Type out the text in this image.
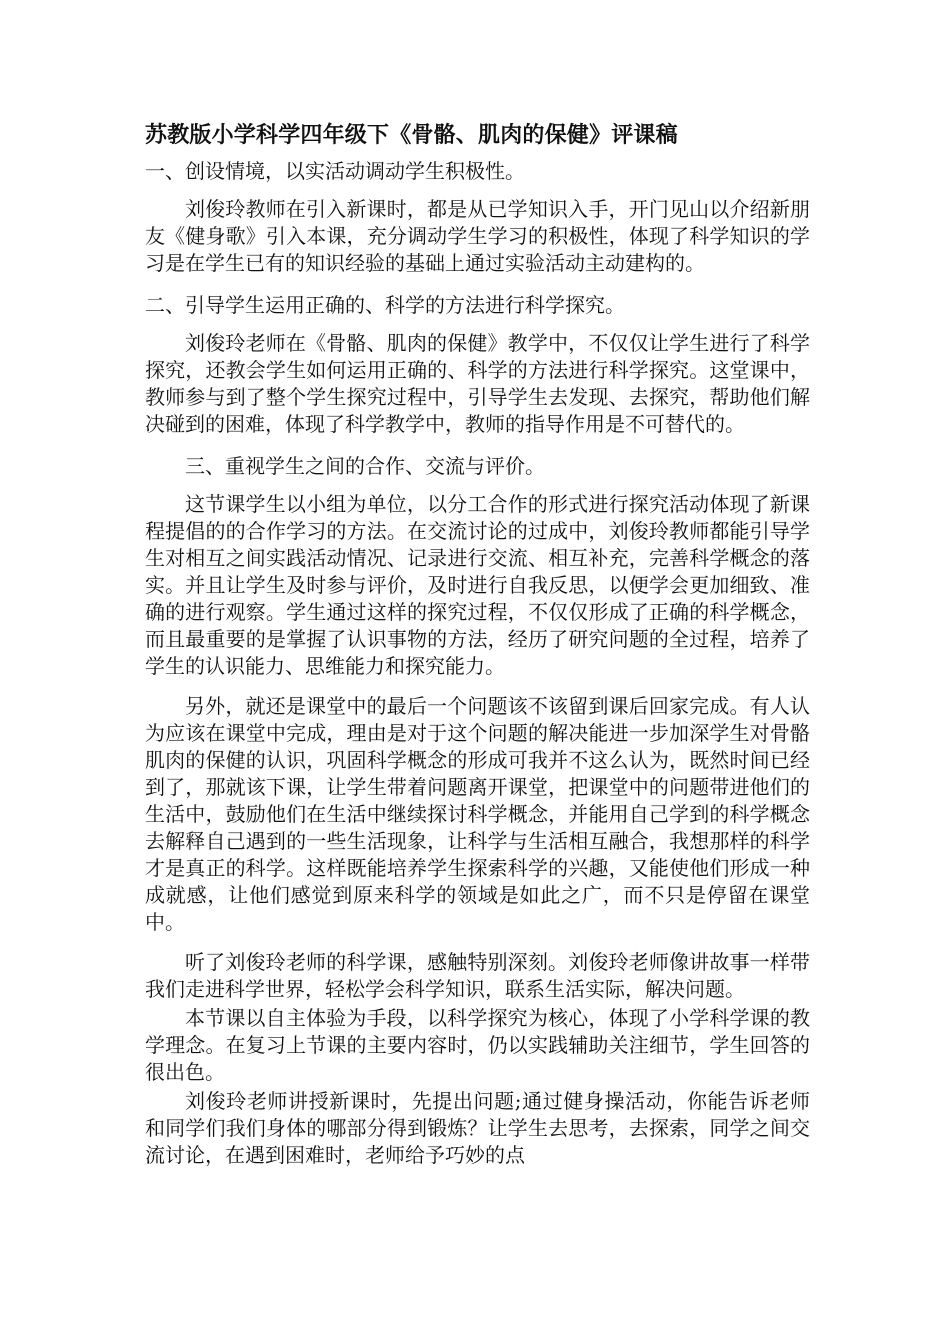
苏教版小学科学四年级下《骨骼、肌肉的保健》评课稿
一、创设情境，以实活动调动学生积极性。
刘俊玲教师在引入新课时，都是从已学知识入手，开门见山以介绍新朋友《健身歌》引入本课，充分调动学生学习的积极性，体现了科学知识的学习是在学生已有的知识经验的基础上通过实验活动主动建构的。
二、引导学生运用正确的、科学的方法进行科学探究。
刘俊玲老师在《骨骼、肌肉的保健》教学中，不仅仅让学生进行了科学探究，还教会学生如何运用正确的、科学的方法进行科学探究。这堂课中，教师参与到了整个学生探究过程中，引导学生去发现、去探究，帮助他们解决碰到的困难，体现了科学教学中，教师的指导作用是不可替代的。
三、重视学生之间的合作、交流与评价。
这节课学生以小组为单位，以分工合作的形式进行探究活动体现了新课程提倡的的合作学习的方法。在交流讨论的过成中，刘俊玲教师都能引导学生对相互之间实践活动情况、记录进行交流、相互补充，完善科学概念的落实。并且让学生及时参与评价，及时进行自我反思，以便学会更加细致、准确的进行观察。学生通过这样的探究过程，不仅仅形成了正确的科学概念，而且最重要的是掌握了认识事物的方法，经历了研究问题的全过程，培养了学生的认识能力、思维能力和探究能力。
另外，就还是课堂中的最后一个问题该不该留到课后回家完成。有人认为应该在课堂中完成，理由是对于这个问题的解决能进一步加深学生对骨骼肌肉的保健的认识，巩固科学概念的形成可我并不这么认为，既然时间已经到了，那就该下课，让学生带着问题离开课堂，把课堂中的问题带进他们的生活中，鼓励他们在生活中继续探讨科学概念，并能用自己学到的科学概念去解释自己遇到的一些生活现象，让科学与生活相互融合，我想那样的科学才是真正的科学。这样既能培养学生探索科学的兴趣，又能使他们形成一种成就感，让他们感觉到原来科学的领域是如此之广，而不只是停留在课堂中。
听了刘俊玲老师的科学课，感触特别深刻。刘俊玲老师像讲故事一样带我们走进科学世界，轻松学会科学知识，联系生活实际，解决问题。
本节课以自主体验为手段，以科学探究为核心，体现了小学科学课的教学理念。在复习上节课的主要内容时，仍以实践辅助关注细节，学生回答的很出色。
刘俊玲老师讲授新课时，先提出问题;通过健身操活动，你能告诉老师和同学们我们身体的哪部分得到锻炼？让学生去思考，去探索，同学之间交流讨论，在遇到困难时，老师给予巧妙的点
